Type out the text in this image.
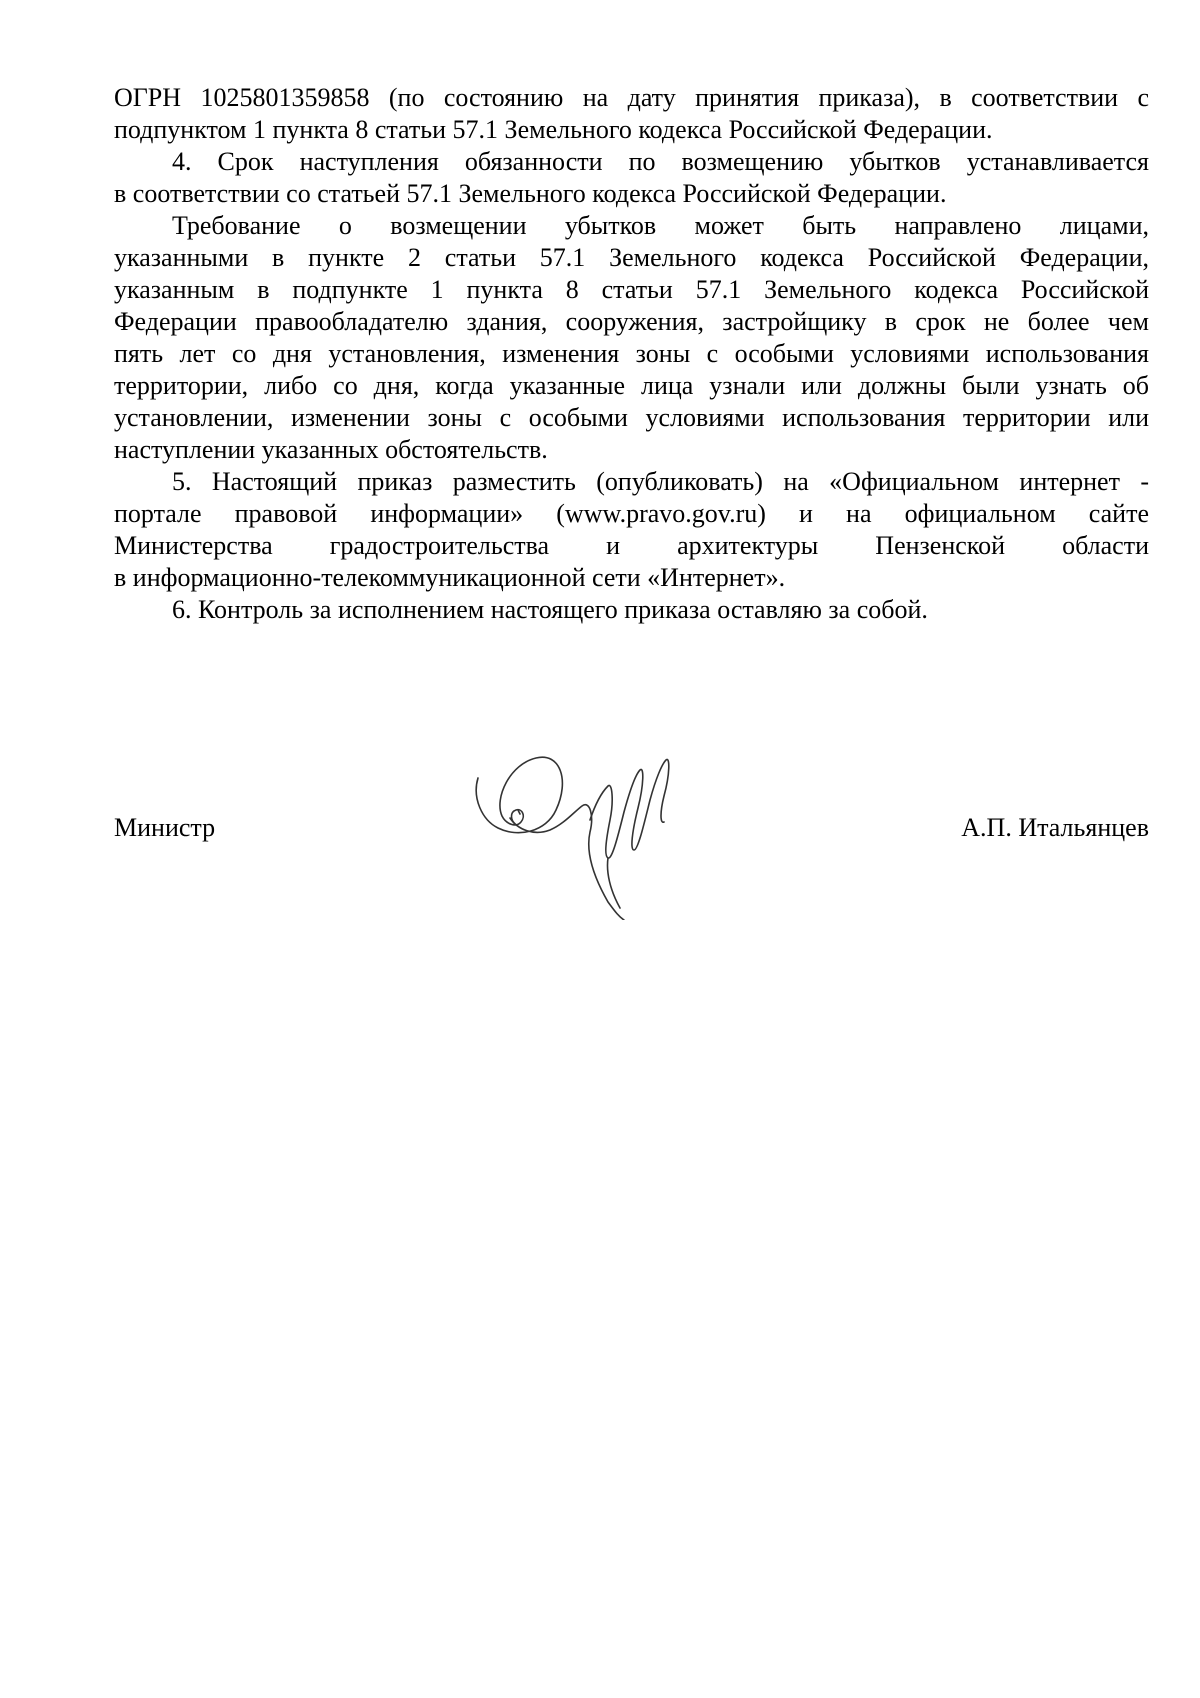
ОГРН 1025801359858 (по состоянию на дату принятия приказа), в соответствии с
подпунктом 1 пункта 8 статьи 57.1 Земельного кодекса Российской Федерации.
4. Срок наступления обязанности по возмещению убытков устанавливается
в соответствии со статьей 57.1 Земельного кодекса Российской Федерации.
Требование о возмещении убытков может быть направлено лицами,
указанными в пункте 2 статьи 57.1 Земельного кодекса Российской Федерации,
указанным в подпункте 1 пункта 8 статьи 57.1 Земельного кодекса Российской
Федерации правообладателю здания, сооружения, застройщику в срок не более чем
пять лет со дня установления, изменения зоны с особыми условиями использования
территории, либо со дня, когда указанные лица узнали или должны были узнать об
установлении, изменении зоны с особыми условиями использования территории или
наступлении указанных обстоятельств.
5. Настоящий приказ разместить (опубликовать) на «Официальном интернет -
портале правовой информации» (www.pravo.gov.ru) и на официальном сайте
Министерства градостроительства и архитектуры Пензенской области
в информационно-телекоммуникационной сети «Интернет».
6. Контроль за исполнением настоящего приказа оставляю за собой.
Министр	А.П. Итальянцев
